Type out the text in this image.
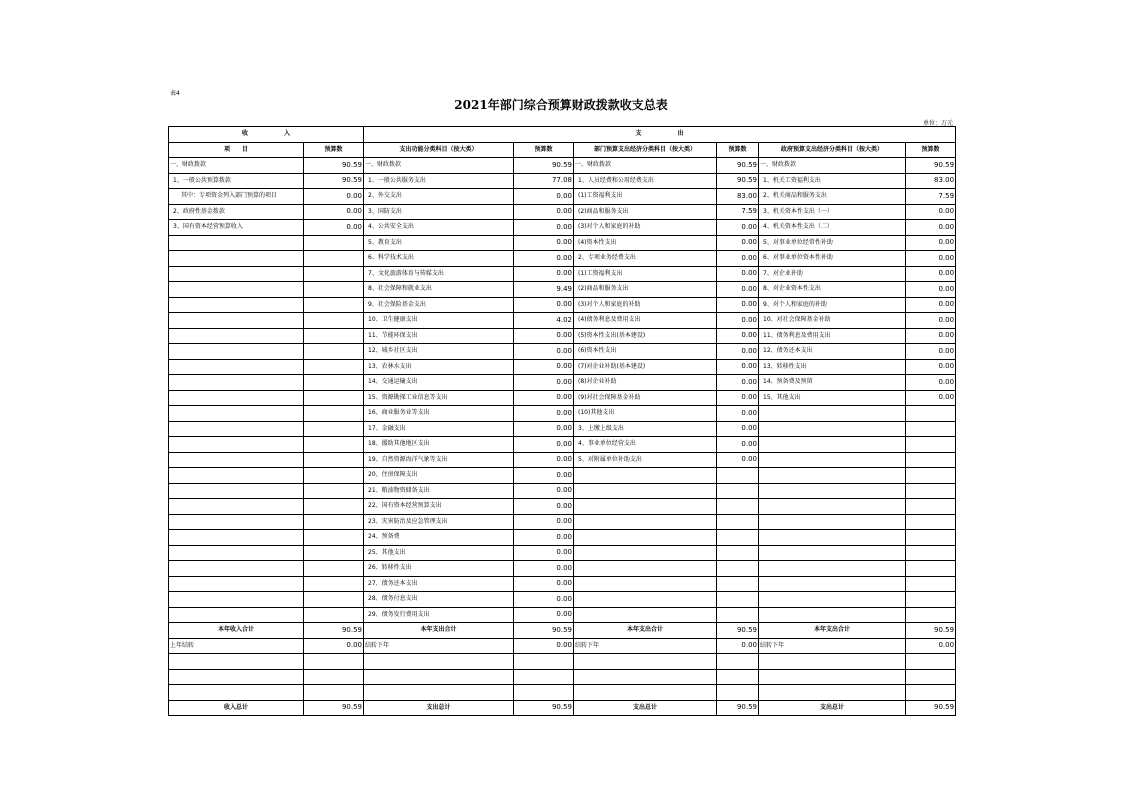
表4
2021年部门综合预算财政拨款收支总表
单位：万元
收　　　　　　入		支　　　　　　出					
项　　目	预算数	支出功能分类科目（按大类）	预算数	部门预算支出经济分类科目（按大类）	预算数	政府预算支出经济分类科目（按大类）	预算数
一、财政拨款	90.59	一、财政拨款	90.59	一、财政拨款	90.59	一、财政拨款	90.59
1、一般公共预算拨款	90.59	1、一般公共服务支出	77.08	1、人员经费和公用经费支出	90.59	1、机关工资福利支出	83.00
其中：专项资金列入部门预算的项目	0.00	2、外交支出	0.00	(1)工资福利支出	83.00	2、机关商品和服务支出	7.59
2、政府性基金拨款	0.00	3、国防支出	0.00	(2)商品和服务支出	7.59	3、机关资本性支出（一）	0.00
3、国有资本经营预算收入	0.00	4、公共安全支出	0.00	(3)对个人和家庭的补助	0.00	4、机关资本性支出（二）	0.00
		5、教育支出	0.00	(4)资本性支出	0.00	5、对事业单位经常性补助	0.00
		6、科学技术支出	0.00	2、专项业务经费支出	0.00	6、对事业单位资本性补助	0.00
		7、文化旅游体育与传媒支出	0.00	(1)工资福利支出	0.00	7、对企业补助	0.00
		8、社会保障和就业支出	9.49	(2)商品和服务支出	0.00	8、对企业资本性支出	0.00
		9、社会保险基金支出	0.00	(3)对个人和家庭的补助	0.00	9、对个人和家庭的补助	0.00
		10、卫生健康支出	4.02	(4)债务利息及费用支出	0.00	10、对社会保障基金补助	0.00
		11、节能环保支出	0.00	(5)资本性支出(基本建设)	0.00	11、债务利息及费用支出	0.00
		12、城乡社区支出	0.00	(6)资本性支出	0.00	12、债务还本支出	0.00
		13、农林水支出	0.00	(7)对企业补助(基本建设)	0.00	13、转移性支出	0.00
		14、交通运输支出	0.00	(8)对企业补助	0.00	14、预备费及预留	0.00
		15、资源勘探工业信息等支出	0.00	(9)对社会保障基金补助	0.00	15、其他支出	0.00
		16、商业服务业等支出	0.00	(10)其他支出	0.00		
		17、金融支出	0.00	3、上缴上级支出	0.00		
		18、援助其他地区支出	0.00	4、事业单位经营支出	0.00		
		19、自然资源海洋气象等支出	0.00	5、对附属单位补助支出	0.00		
		20、住房保障支出	0.00				
		21、粮油物资储备支出	0.00				
		22、国有资本经营预算支出	0.00				
		23、灾害防治及应急管理支出	0.00				
		24、预备费	0.00				
		25、其他支出	0.00				
		26、转移性支出	0.00				
		27、债务还本支出	0.00				
		28、债务付息支出	0.00				
		29、债务发行费用支出	0.00				
本年收入合计	90.59	本年支出合计	90.59	本年支出合计	90.59	本年支出合计	90.59
上年结转	0.00	结转下年	0.00	结转下年	0.00	结转下年	0.00

收入总计	90.59	支出总计	90.59	支出总计	90.59	支出总计	90.59
